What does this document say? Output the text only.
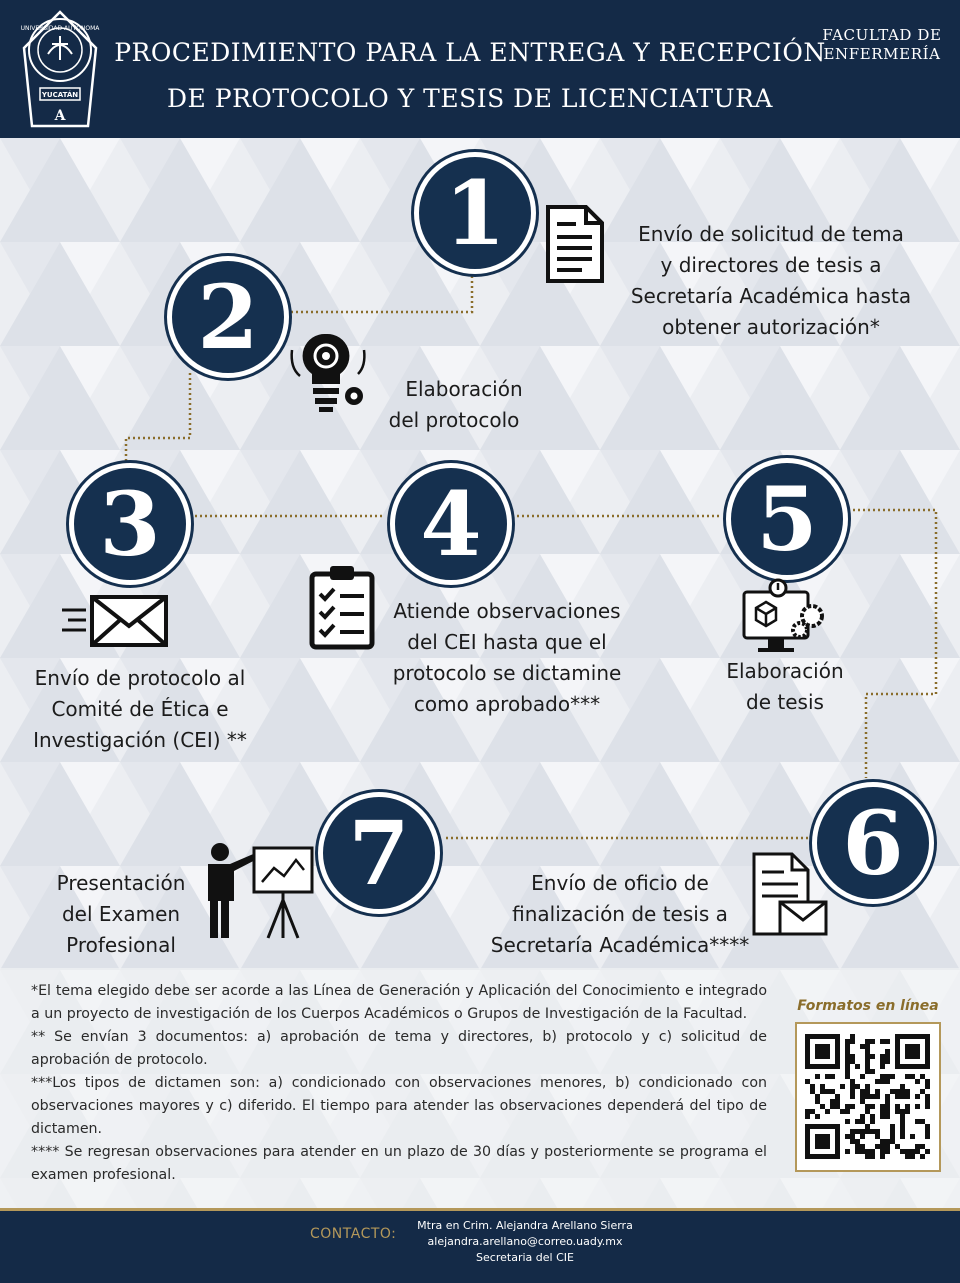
A
UNIVERSIDAD AUTÓNOMA
YUCATÁN
PROCEDIMIENTO PARA LA ENTREGA Y RECEPCIÓN
DE PROTOCOLO Y TESIS DE LICENCIATURA
FACULTAD DE
ENFERMERÍA
1
2
3	4	5
6
7
Envío de solicitud de tema
y directores de tesis a
Secretaría Académica hasta
obtener autorización*
Elaboración
del protocolo
Envío de protocolo al
Comité de Ética e
Investigación (CEI) **
Atiende observaciones
del CEI hasta que el
protocolo se dictamine
como aprobado***
Elaboración
de tesis
Envío de oficio de
finalización de tesis a
Secretaría Académica****
Presentación
del Examen
Profesional

*El tema elegido debe ser acorde a las Línea de Generación y Aplicación del Conocimiento e integrado a un proyecto de investigación de los Cuerpos Académicos o Grupos de Investigación de la Facultad.

** Se envían 3 documentos: a) aprobación de tema y directores, b) protocolo y c) solicitud de aprobación de protocolo.

***Los tipos de dictamen son: a) condicionado con observaciones menores, b) condicionado con observaciones mayores y c) diferido. El tiempo para atender las observaciones dependerá del tipo de dictamen.

**** Se regresan observaciones para atender en un plazo de 30 días y posteriormente se programa el examen profesional.

Formatos en línea
CONTACTO:
Mtra en Crim. Alejandra Arellano Sierra
alejandra.arellano@correo.uady.mx
Secretaria del CIE
